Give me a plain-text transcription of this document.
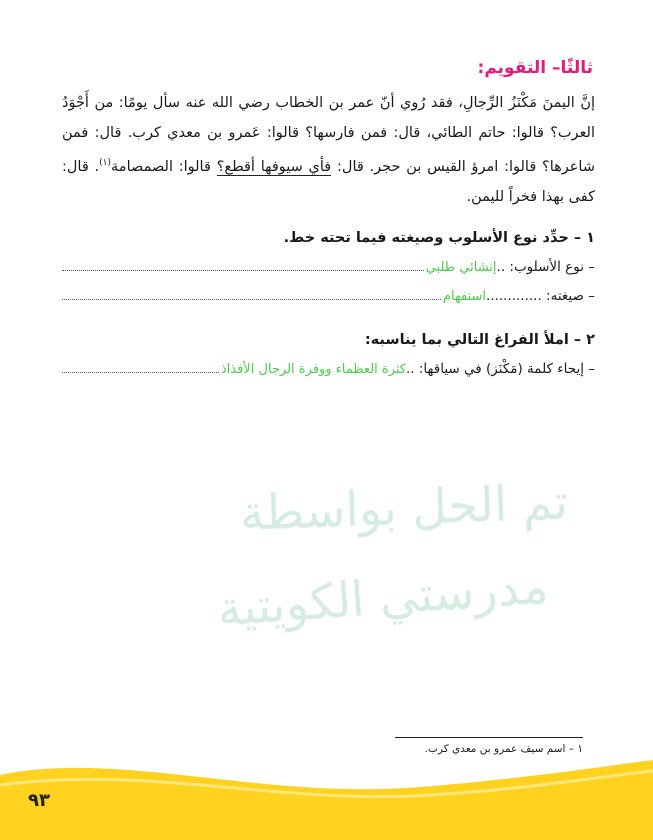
تم الحل بواسطة
مدرستي الكويتية
ثالثًا– التقويم:

إنَّ اليمنَ مَكْنَزُ الرِّجالِ، فقد رُوي أنّ عمر بن الخطاب رضي الله عنه سأل يومًا: من أَجْوَدُ العرب؟ قالوا: حاتم الطائي، قال: فمن فارسها؟ قالوا: عَمرو بن معدي كرب. قال: فمن شاعرها؟ قالوا: امرؤ القيس بن حجر. قال: فأي سيوفها أقطع؟ قالوا: الصمصامة$^{(١)}$. قال: كفى بهذا فخراً لليمن.

١ – حدِّد نوع الأسلوب وصيغته فيما تحته خط.
– نوع الأسلوب: ..
إنشائي طلبي
– صيغته: .............
استفهام
٢ – املأ الفراغ التالي بما يناسبه:
– إيحاء كلمة (مَكْنَز) في سياقها: ..
كثرة العظماء ووفرة الرجال الأفذاذ
١ – اسم سيف عمرو بن معدي كرب.
٩٣
